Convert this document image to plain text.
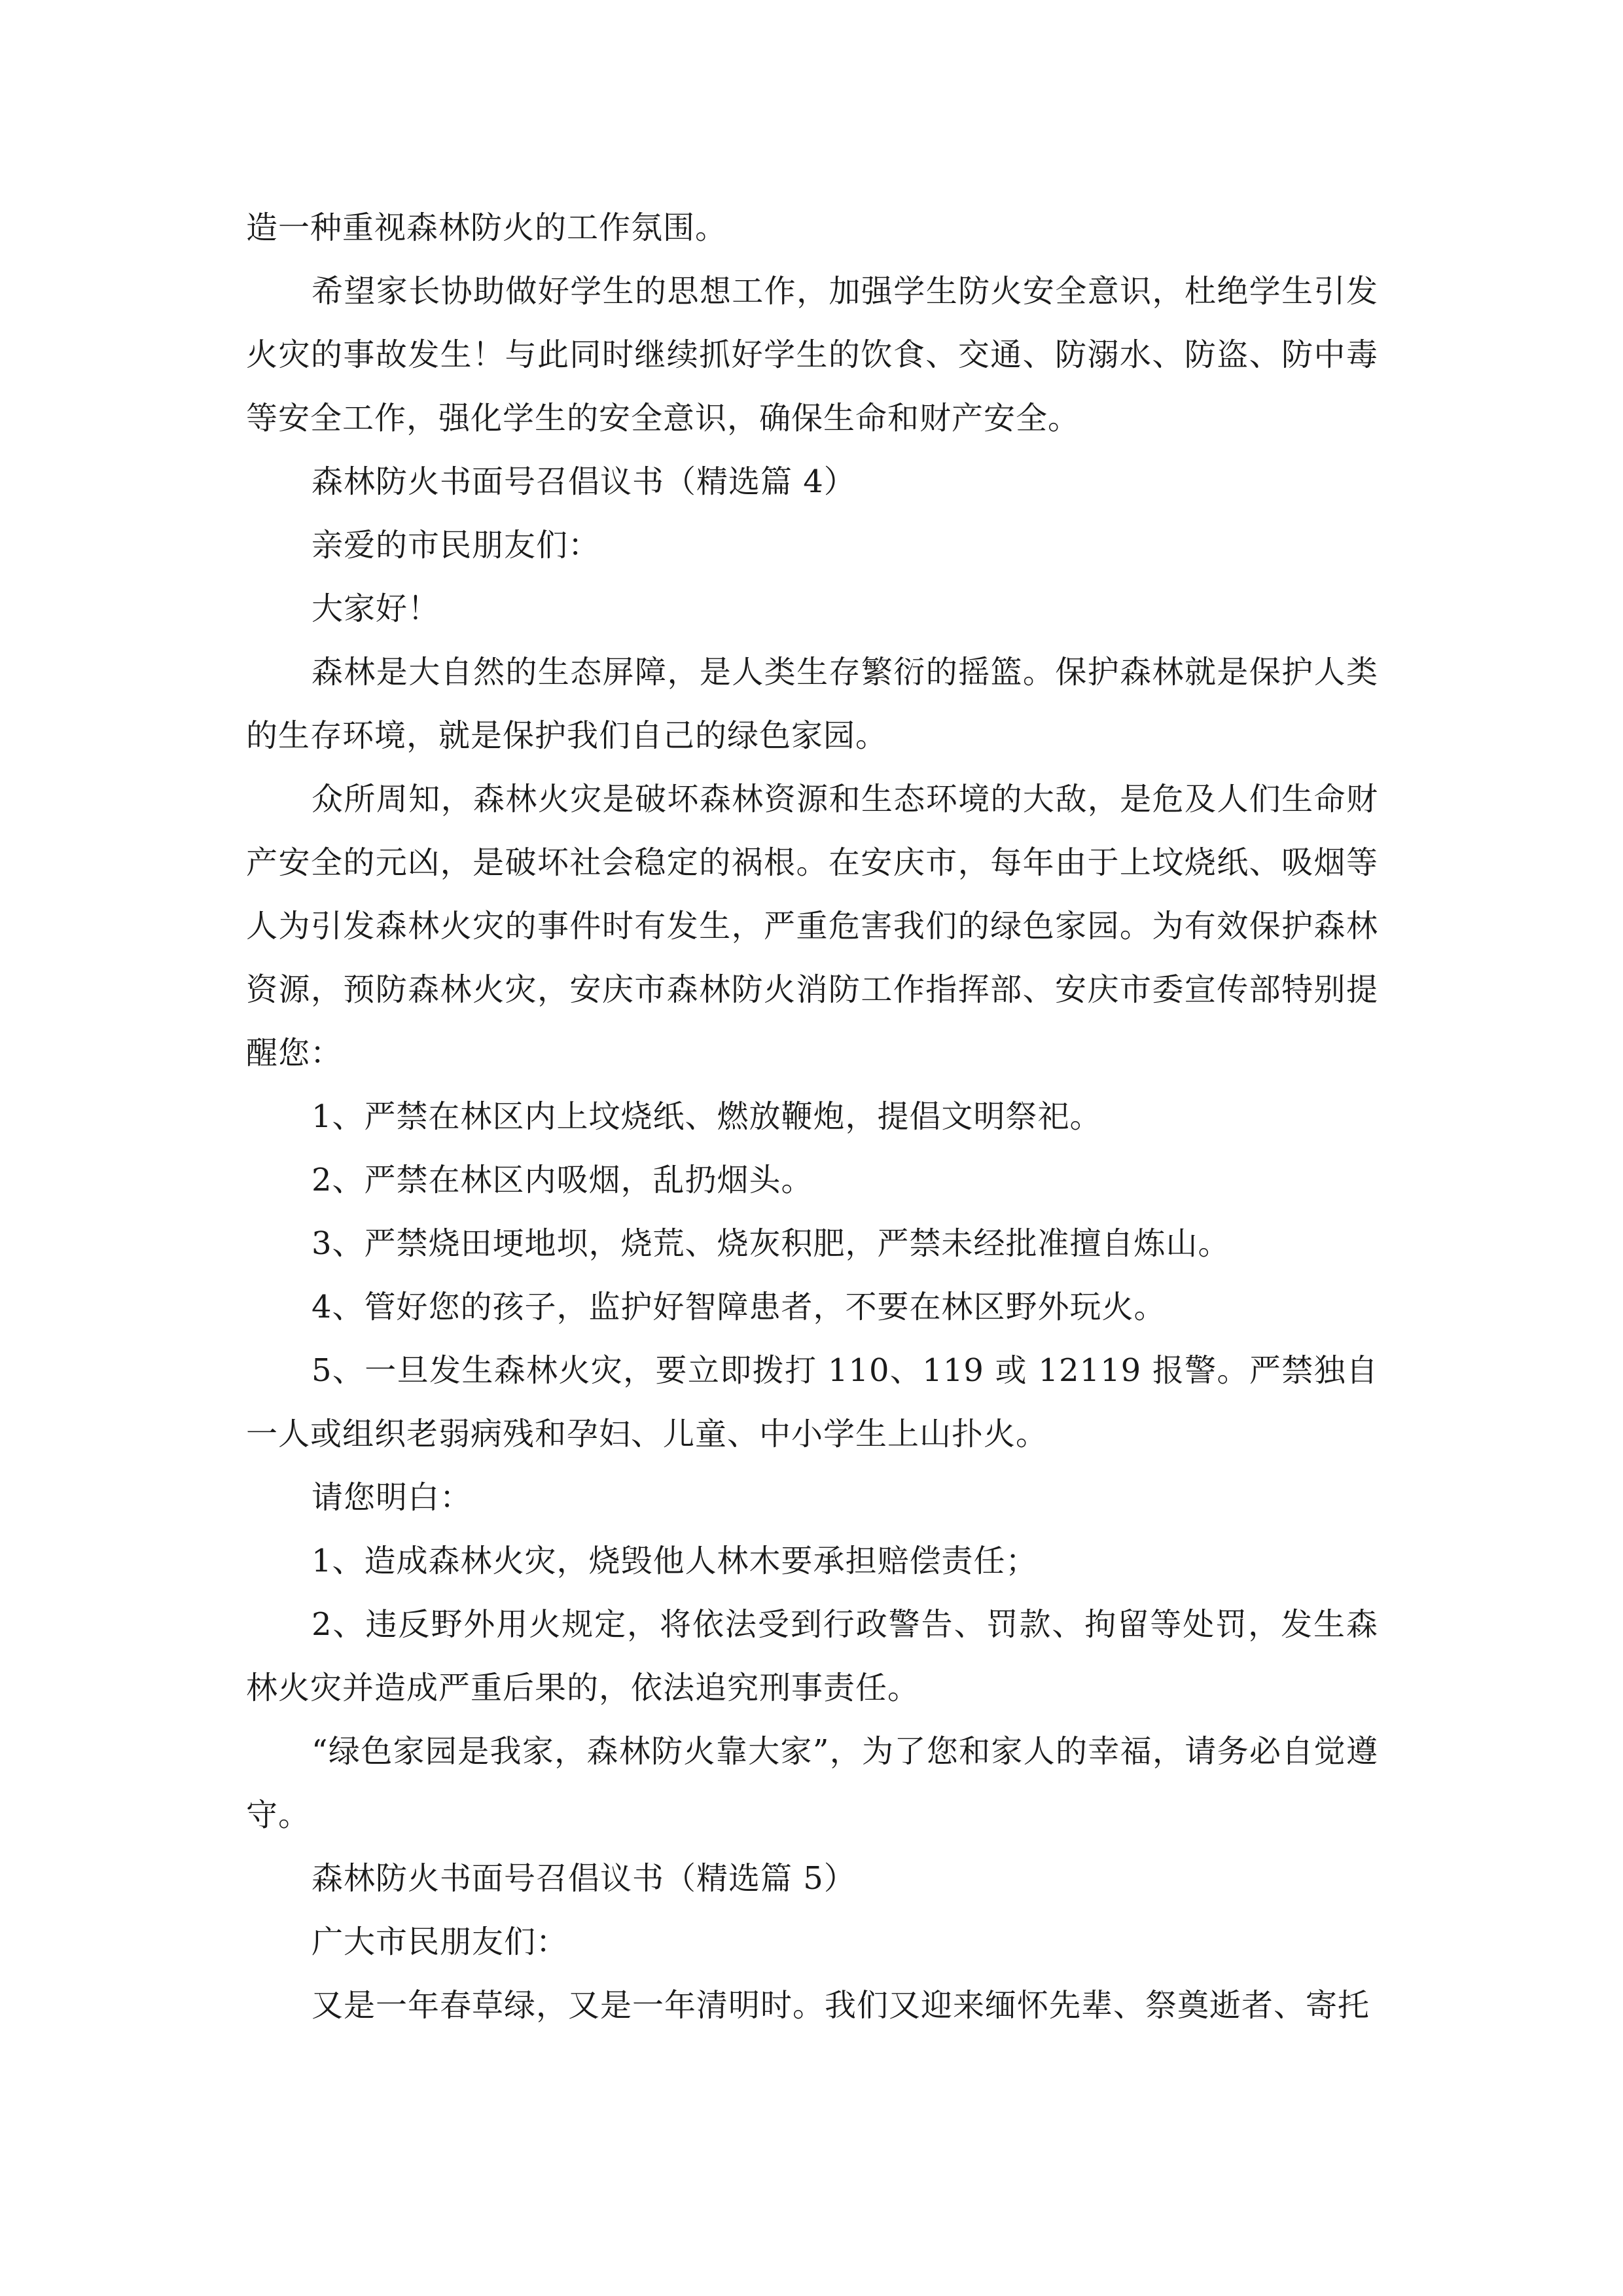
造一种重视森林防火的工作氛围。

希望家长协助做好学生的思想工作，加强学生防火安全意识，杜绝学生引发火灾的事故发生！与此同时继续抓好学生的饮食、交通、防溺水、防盗、防中毒等安全工作，强化学生的安全意识，确保生命和财产安全。

森林防火书面号召倡议书（精选篇 4）

亲爱的市民朋友们：

大家好！

森林是大自然的生态屏障，是人类生存繁衍的摇篮。保护森林就是保护人类的生存环境，就是保护我们自己的绿色家园。

众所周知，森林火灾是破坏森林资源和生态环境的大敌，是危及人们生命财产安全的元凶，是破坏社会稳定的祸根。在安庆市，每年由于上坟烧纸、吸烟等人为引发森林火灾的事件时有发生，严重危害我们的绿色家园。为有效保护森林资源，预防森林火灾，安庆市森林防火消防工作指挥部、安庆市委宣传部特别提醒您：

1、严禁在林区内上坟烧纸、燃放鞭炮，提倡文明祭祀。

2、严禁在林区内吸烟，乱扔烟头。

3、严禁烧田埂地坝，烧荒、烧灰积肥，严禁未经批准擅自炼山。

4、管好您的孩子，监护好智障患者，不要在林区野外玩火。

5、一旦发生森林火灾，要立即拨打 110、119 或 12119 报警。严禁独自一人或组织老弱病残和孕妇、儿童、中小学生上山扑火。

请您明白：

1、造成森林火灾，烧毁他人林木要承担赔偿责任；

2、违反野外用火规定，将依法受到行政警告、罚款、拘留等处罚，发生森林火灾并造成严重后果的，依法追究刑事责任。

“绿色家园是我家，森林防火靠大家”，为了您和家人的幸福，请务必自觉遵守。

森林防火书面号召倡议书（精选篇 5）

广大市民朋友们：

又是一年春草绿，又是一年清明时。我们又迎来缅怀先辈、祭奠逝者、寄托
